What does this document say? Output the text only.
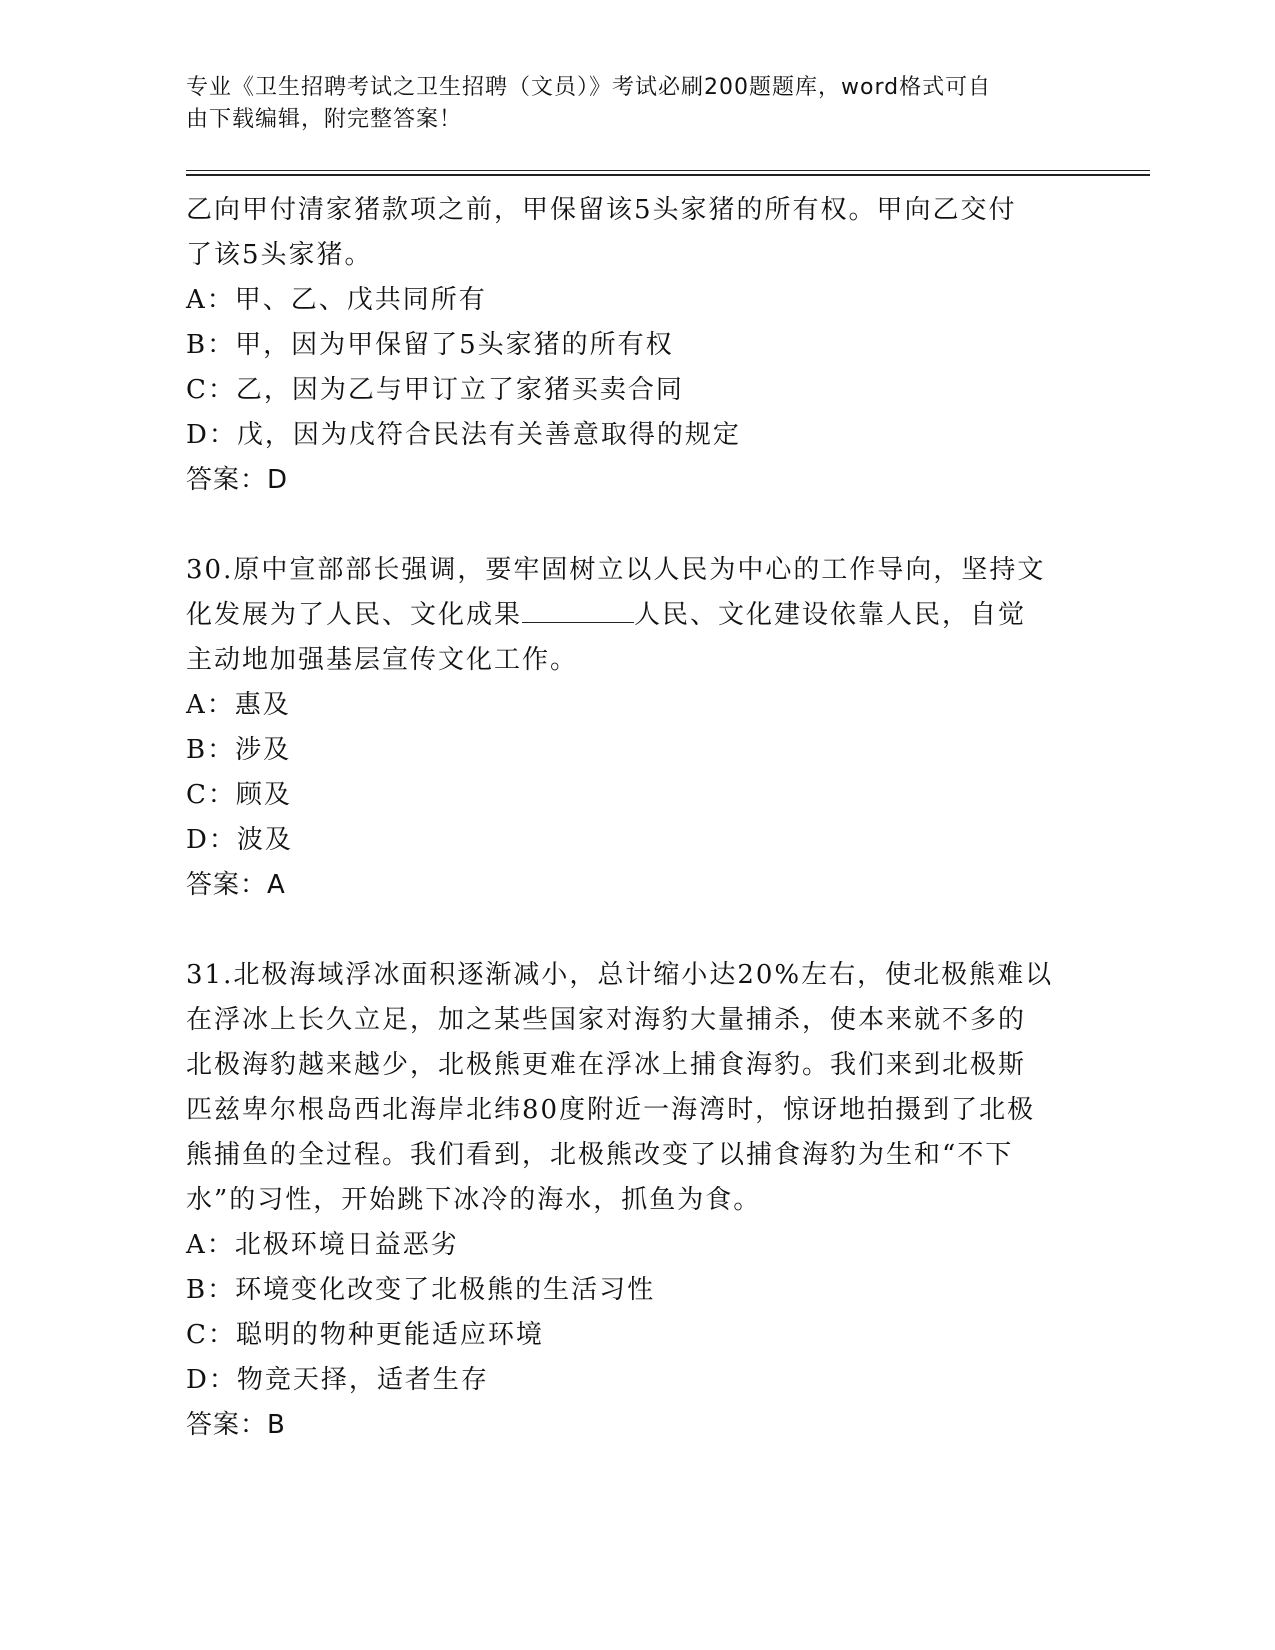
专业《卫生招聘考试之卫生招聘（文员）》考试必刷200题题库，word格式可自
由下载编辑，附完整答案！

乙向甲付清家猪款项之前，甲保留该5头家猪的所有权。甲向乙交付

了该5头家猪。

A：甲、乙、戊共同所有

B：甲，因为甲保留了5头家猪的所有权

C：乙，因为乙与甲订立了家猪买卖合同

D：戊，因为戊符合民法有关善意取得的规定

答案：D

30.原中宣部部长强调，要牢固树立以人民为中心的工作导向，坚持文

化发展为了人民、文化成果	人民、文化建设依靠人民，自觉

主动地加强基层宣传文化工作。

A：惠及

B：涉及

C：顾及

D：波及

答案：A

31.北极海域浮冰面积逐渐减小，总计缩小达20%左右，使北极熊难以

在浮冰上长久立足，加之某些国家对海豹大量捕杀，使本来就不多的

北极海豹越来越少，北极熊更难在浮冰上捕食海豹。我们来到北极斯

匹兹卑尔根岛西北海岸北纬80度附近一海湾时，惊讶地拍摄到了北极

熊捕鱼的全过程。我们看到，北极熊改变了以捕食海豹为生和“不下

水”的习性，开始跳下冰冷的海水，抓鱼为食。

A：北极环境日益恶劣

B：环境变化改变了北极熊的生活习性

C：聪明的物种更能适应环境

D：物竞天择，适者生存

答案：B
